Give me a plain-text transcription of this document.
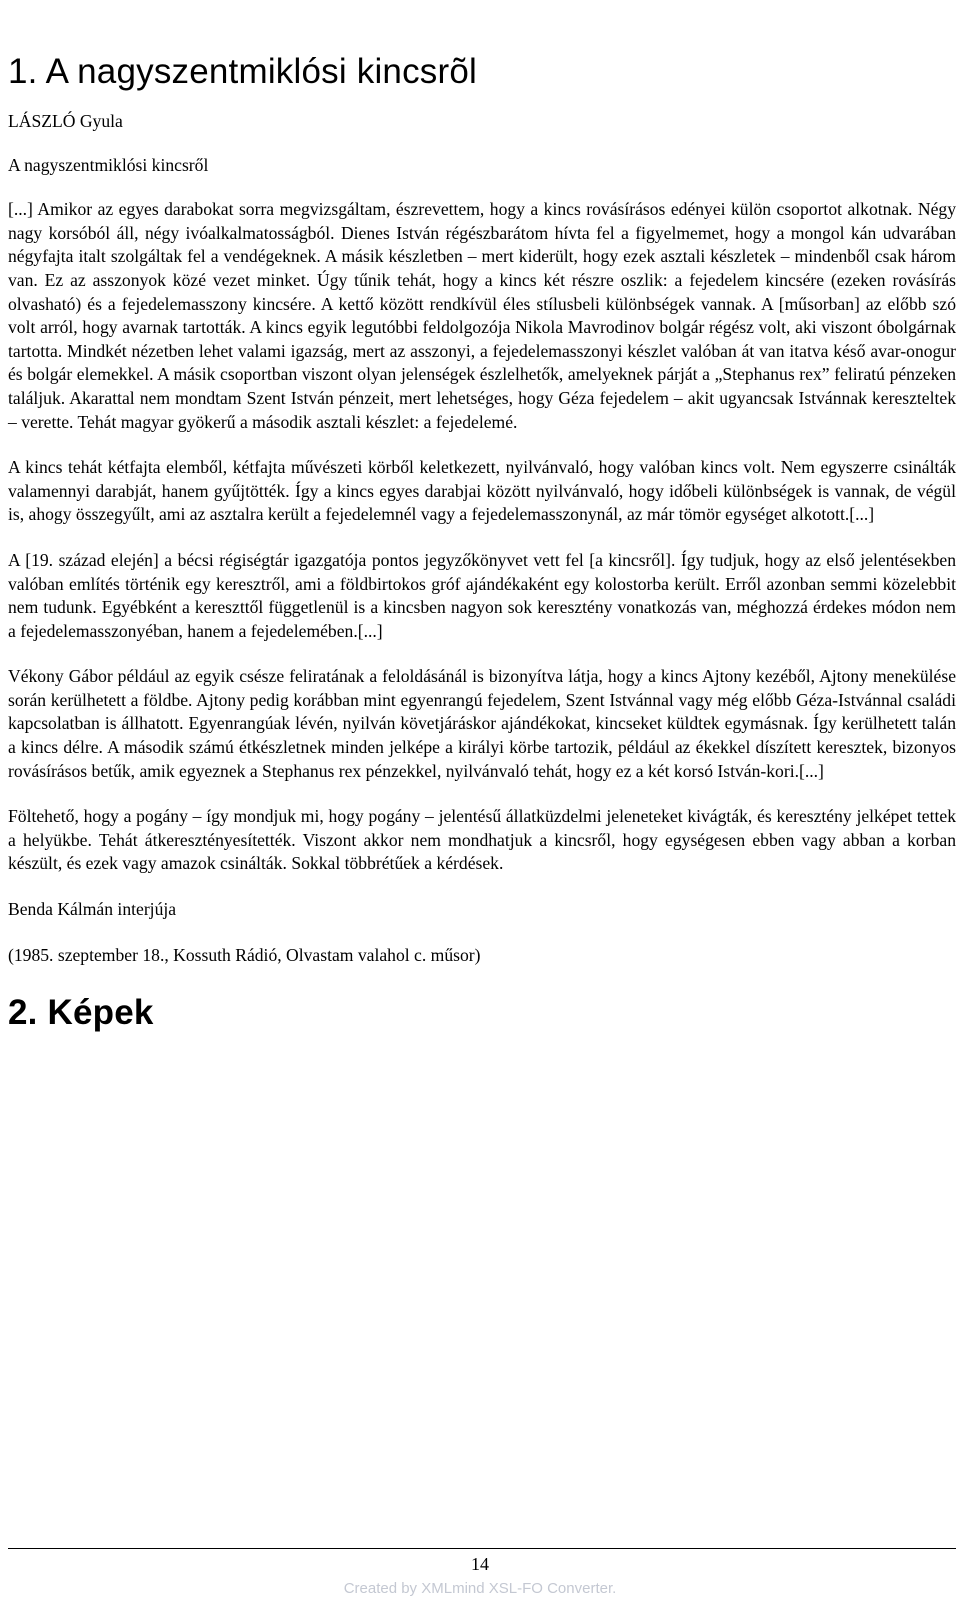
1. A nagyszentmiklósi kincsrõl

LÁSZLÓ Gyula

A nagyszentmiklósi kincsről

[...] Amikor az egyes darabokat sorra megvizsgáltam, észrevettem, hogy a kincs rovásírásos edényei külön csoportot alkotnak. Négy nagy korsóból áll, négy ivóalkalmatosságból. Dienes István régészbarátom hívta fel a figyelmemet, hogy a mongol kán udvarában négyfajta italt szolgáltak fel a vendégeknek. A másik készletben – mert kiderült, hogy ezek asztali készletek – mindenből csak három van. Ez az asszonyok közé vezet minket. Úgy tűnik tehát, hogy a kincs két részre oszlik: a fejedelem kincsére (ezeken rovásírás olvasható) és a fejedelemasszony kincsére. A kettő között rendkívül éles stílusbeli különbségek vannak. A [műsorban] az előbb szó volt arról, hogy avarnak tartották. A kincs egyik legutóbbi feldolgozója Nikola Mavrodinov bolgár régész volt, aki viszont óbolgárnak tartotta. Mindkét nézetben lehet valami igazság, mert az asszonyi, a fejedelemasszonyi készlet valóban át van itatva késő avar-onogur és bolgár elemekkel. A másik csoportban viszont olyan jelenségek észlelhetők, amelyeknek párját a „Stephanus rex” feliratú pénzeken találjuk. Akarattal nem mondtam Szent István pénzeit, mert lehetséges, hogy Géza fejedelem – akit ugyancsak Istvánnak kereszteltek – verette. Tehát magyar gyökerű a második asztali készlet: a fejedelemé.

A kincs tehát kétfajta elemből, kétfajta művészeti körből keletkezett, nyilvánvaló, hogy valóban kincs volt. Nem egyszerre csinálták valamennyi darabját, hanem gyűjtötték. Így a kincs egyes darabjai között nyilvánvaló, hogy időbeli különbségek is vannak, de végül is, ahogy összegyűlt, ami az asztalra került a fejedelemnél vagy a fejedelemasszonynál, az már tömör egységet alkotott.[...]

A [19. század elején] a bécsi régiségtár igazgatója pontos jegyzőkönyvet vett fel [a kincsről]. Így tudjuk, hogy az első jelentésekben valóban említés történik egy keresztről, ami a földbirtokos gróf ajándékaként egy kolostorba került. Erről azonban semmi közelebbit nem tudunk. Egyébként a kereszttől függetlenül is a kincsben nagyon sok keresztény vonatkozás van, méghozzá érdekes módon nem a fejedelemasszonyéban, hanem a fejedelemében.[...]

Vékony Gábor például az egyik csésze feliratának a feloldásánál is bizonyítva látja, hogy a kincs Ajtony kezéből, Ajtony menekülése során kerülhetett a földbe. Ajtony pedig korábban mint egyenrangú fejedelem, Szent Istvánnal vagy még előbb Géza-Istvánnal családi kapcsolatban is állhatott. Egyenrangúak lévén, nyilván követjáráskor ajándékokat, kincseket küldtek egymásnak. Így kerülhetett talán a kincs délre. A második számú étkészletnek minden jelképe a királyi körbe tartozik, például az ékekkel díszített keresztek, bizonyos rovásírásos betűk, amik egyeznek a Stephanus rex pénzekkel, nyilvánvaló tehát, hogy ez a két korsó István-kori.[...]

Föltehető, hogy a pogány – így mondjuk mi, hogy pogány – jelentésű állatküzdelmi jeleneteket kivágták, és keresztény jelképet tettek a helyükbe. Tehát átkeresztényesítették. Viszont akkor nem mondhatjuk a kincsről, hogy egységesen ebben vagy abban a korban készült, és ezek vagy amazok csinálták. Sokkal többrétűek a kérdések.

Benda Kálmán interjúja

(1985. szeptember 18., Kossuth Rádió, Olvastam valahol c. műsor)

2. Képek
14
Created by XMLmind XSL-FO Converter.
